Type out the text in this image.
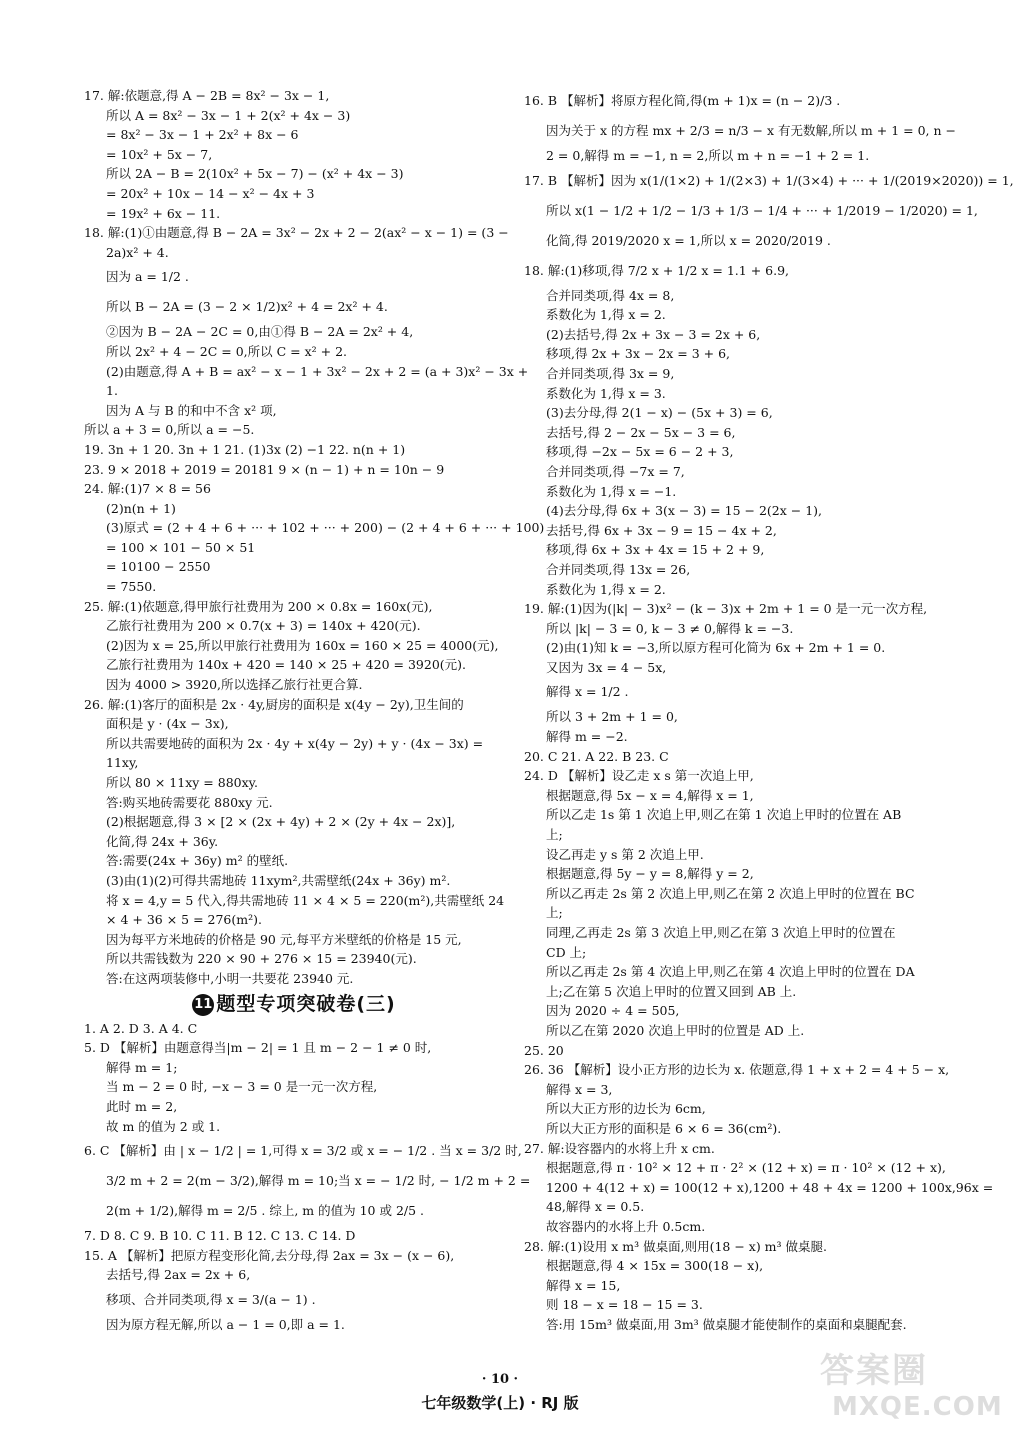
17. 解:依题意,得 A − 2B = 8x² − 3x − 1,
所以 A = 8x² − 3x − 1 + 2(x² + 4x − 3)
= 8x² − 3x − 1 + 2x² + 8x − 6
= 10x² + 5x − 7,
所以 2A − B = 2(10x² + 5x − 7) − (x² + 4x − 3)
= 20x² + 10x − 14 − x² − 4x + 3
= 19x² + 6x − 11.
18. 解:(1)①由题意,得 B − 2A = 3x² − 2x + 2 − 2(ax² − x − 1) = (3 −
2a)x² + 4.
因为 a = 1/2 .
所以 B − 2A = (3 − 2 × 1/2)x² + 4 = 2x² + 4.
②因为 B − 2A − 2C = 0,由①得 B − 2A = 2x² + 4,
所以 2x² + 4 − 2C = 0,所以 C = x² + 2.
(2)由题意,得 A + B = ax² − x − 1 + 3x² − 2x + 2 = (a + 3)x² − 3x +
1.
因为 A 与 B 的和中不含 x² 项,
所以 a + 3 = 0,所以 a = −5.
19. 3n + 1 20. 3n + 1 21. (1)3x (2) −1 22. n(n + 1)
23. 9 × 2018 + 2019 = 20181 9 × (n − 1) + n = 10n − 9
24. 解:(1)7 × 8 = 56
(2)n(n + 1)
(3)原式 = (2 + 4 + 6 + ··· + 102 + ··· + 200) − (2 + 4 + 6 + ··· + 100)
= 100 × 101 − 50 × 51
= 10100 − 2550
= 7550.
25. 解:(1)依题意,得甲旅行社费用为 200 × 0.8x = 160x(元),
乙旅行社费用为 200 × 0.7(x + 3) = 140x + 420(元).
(2)因为 x = 25,所以甲旅行社费用为 160x = 160 × 25 = 4000(元),
乙旅行社费用为 140x + 420 = 140 × 25 + 420 = 3920(元).
因为 4000 > 3920,所以选择乙旅行社更合算.
26. 解:(1)客厅的面积是 2x · 4y,厨房的面积是 x(4y − 2y),卫生间的
面积是 y · (4x − 3x),
所以共需要地砖的面积为 2x · 4y + x(4y − 2y) + y · (4x − 3x) =
11xy,
所以 80 × 11xy = 880xy.
答:购买地砖需要花 880xy 元.
(2)根据题意,得 3 × [2 × (2x + 4y) + 2 × (2y + 4x − 2x)],
化简,得 24x + 36y.
答:需要(24x + 36y) m² 的壁纸.
(3)由(1)(2)可得共需地砖 11xym²,共需壁纸(24x + 36y) m².
将 x = 4,y = 5 代入,得共需地砖 11 × 4 × 5 = 220(m²),共需壁纸 24
× 4 + 36 × 5 = 276(m²).
因为每平方米地砖的价格是 90 元,每平方米壁纸的价格是 15 元,
所以共需钱数为 220 × 90 + 276 × 15 = 23940(元).
答:在这两项装修中,小明一共要花 23940 元.
11 题型专项突破卷(三)
1. A 2. D 3. A 4. C
5. D 【解析】由题意得当|m − 2| = 1 且 m − 2 − 1 ≠ 0 时,
解得 m = 1;
当 m − 2 = 0 时, −x − 3 = 0 是一元一次方程,
此时 m = 2,
故 m 的值为 2 或 1.
6. C 【解析】由 | x − 1/2 | = 1,可得 x = 3/2 或 x = − 1/2 . 当 x = 3/2 时,
3/2 m + 2 = 2(m − 3/2),解得 m = 10;当 x = − 1/2 时, − 1/2 m + 2 =
2(m + 1/2),解得 m = 2/5 . 综上, m 的值为 10 或 2/5 .
7. D 8. C 9. B 10. C 11. B 12. C 13. C 14. D
15. A 【解析】把原方程变形化简,去分母,得 2ax = 3x − (x − 6),
去括号,得 2ax = 2x + 6,
移项、合并同类项,得 x = 3/(a − 1) .
因为原方程无解,所以 a − 1 = 0,即 a = 1.
16. B 【解析】将原方程化简,得(m + 1)x = (n − 2)/3 .
因为关于 x 的方程 mx + 2/3 = n/3 − x 有无数解,所以 m + 1 = 0, n −
2 = 0,解得 m = −1, n = 2,所以 m + n = −1 + 2 = 1.
17. B 【解析】因为 x(1/(1×2) + 1/(2×3) + 1/(3×4) + ··· + 1/(2019×2020)) = 1,
所以 x(1 − 1/2 + 1/2 − 1/3 + 1/3 − 1/4 + ··· + 1/2019 − 1/2020) = 1,
化简,得 2019/2020 x = 1,所以 x = 2020/2019 .
18. 解:(1)移项,得 7/2 x + 1/2 x = 1.1 + 6.9,
合并同类项,得 4x = 8,
系数化为 1,得 x = 2.
(2)去括号,得 2x + 3x − 3 = 2x + 6,
移项,得 2x + 3x − 2x = 3 + 6,
合并同类项,得 3x = 9,
系数化为 1,得 x = 3.
(3)去分母,得 2(1 − x) − (5x + 3) = 6,
去括号,得 2 − 2x − 5x − 3 = 6,
移项,得 −2x − 5x = 6 − 2 + 3,
合并同类项,得 −7x = 7,
系数化为 1,得 x = −1.
(4)去分母,得 6x + 3(x − 3) = 15 − 2(2x − 1),
去括号,得 6x + 3x − 9 = 15 − 4x + 2,
移项,得 6x + 3x + 4x = 15 + 2 + 9,
合并同类项,得 13x = 26,
系数化为 1,得 x = 2.
19. 解:(1)因为(|k| − 3)x² − (k − 3)x + 2m + 1 = 0 是一元一次方程,
所以 |k| − 3 = 0, k − 3 ≠ 0,解得 k = −3.
(2)由(1)知 k = −3,所以原方程可化简为 6x + 2m + 1 = 0.
又因为 3x = 4 − 5x,
解得 x = 1/2 .
所以 3 + 2m + 1 = 0,
解得 m = −2.
20. C 21. A 22. B 23. C
24. D 【解析】设乙走 x s 第一次追上甲,
根据题意,得 5x − x = 4,解得 x = 1,
所以乙走 1s 第 1 次追上甲,则乙在第 1 次追上甲时的位置在 AB
上;
设乙再走 y s 第 2 次追上甲.
根据题意,得 5y − y = 8,解得 y = 2,
所以乙再走 2s 第 2 次追上甲,则乙在第 2 次追上甲时的位置在 BC
上;
同理,乙再走 2s 第 3 次追上甲,则乙在第 3 次追上甲时的位置在
CD 上;
所以乙再走 2s 第 4 次追上甲,则乙在第 4 次追上甲时的位置在 DA
上;乙在第 5 次追上甲时的位置又回到 AB 上.
因为 2020 ÷ 4 = 505,
所以乙在第 2020 次追上甲时的位置是 AD 上.
25. 20
26. 36 【解析】设小正方形的边长为 x. 依题意,得 1 + x + 2 = 4 + 5 − x,
解得 x = 3,
所以大正方形的边长为 6cm,
所以大正方形的面积是 6 × 6 = 36(cm²).
27. 解:设容器内的水将上升 x cm.
根据题意,得 π · 10² × 12 + π · 2² × (12 + x) = π · 10² × (12 + x),
1200 + 4(12 + x) = 100(12 + x),1200 + 48 + 4x = 1200 + 100x,96x =
48,解得 x = 0.5.
故容器内的水将上升 0.5cm.
28. 解:(1)设用 x m³ 做桌面,则用(18 − x) m³ 做桌腿.
根据题意,得 4 × 15x = 300(18 − x),
解得 x = 15,
则 18 − x = 18 − 15 = 3.
答:用 15m³ 做桌面,用 3m³ 做桌腿才能使制作的桌面和桌腿配套.
· 10 ·
七年级数学(上) · RJ 版
答案圈
MXQE.COM
